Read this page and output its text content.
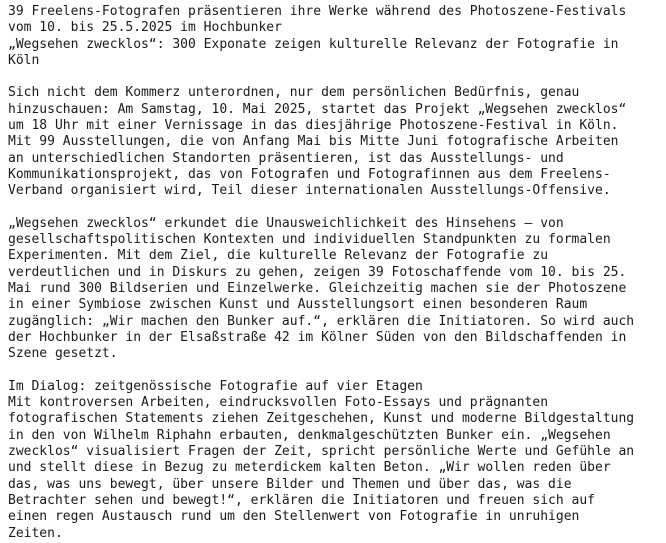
39 Freelens-Fotografen präsentieren ihre Werke während des Photoszene-Festivals
vom 10. bis 25.5.2025 im Hochbunker
„Wegsehen zwecklos“: 300 Exponate zeigen kulturelle Relevanz der Fotografie in
Köln
Sich nicht dem Kommerz unterordnen, nur dem persönlichen Bedürfnis, genau
hinzuschauen: Am Samstag, 10. Mai 2025, startet das Projekt „Wegsehen zwecklos“
um 18 Uhr mit einer Vernissage in das diesjährige Photoszene-Festival in Köln.
Mit 99 Ausstellungen, die von Anfang Mai bis Mitte Juni fotografische Arbeiten
an unterschiedlichen Standorten präsentieren, ist das Ausstellungs- und
Kommunikationsprojekt, das von Fotografen und Fotografinnen aus dem Freelens-
Verband organisiert wird, Teil dieser internationalen Ausstellungs-Offensive.
„Wegsehen zwecklos“ erkundet die Unausweichlichkeit des Hinsehens – von
gesellschaftspolitischen Kontexten und individuellen Standpunkten zu formalen
Experimenten. Mit dem Ziel, die kulturelle Relevanz der Fotografie zu
verdeutlichen und in Diskurs zu gehen, zeigen 39 Fotoschaffende vom 10. bis 25.
Mai rund 300 Bildserien und Einzelwerke. Gleichzeitig machen sie der Photoszene
in einer Symbiose zwischen Kunst und Ausstellungsort einen besonderen Raum
zugänglich: „Wir machen den Bunker auf.“, erklären die Initiatoren. So wird auch
der Hochbunker in der Elsaßstraße 42 im Kölner Süden von den Bildschaffenden in
Szene gesetzt.
Im Dialog: zeitgenössische Fotografie auf vier Etagen
Mit kontroversen Arbeiten, eindrucksvollen Foto-Essays und prägnanten
fotografischen Statements ziehen Zeitgeschehen, Kunst und moderne Bildgestaltung
in den von Wilhelm Riphahn erbauten, denkmalgeschützten Bunker ein. „Wegsehen
zwecklos“ visualisiert Fragen der Zeit, spricht persönliche Werte und Gefühle an
und stellt diese in Bezug zu meterdickem kalten Beton. „Wir wollen reden über
das, was uns bewegt, über unsere Bilder und Themen und über das, was die
Betrachter sehen und bewegt!“, erklären die Initiatoren und freuen sich auf
einen regen Austausch rund um den Stellenwert von Fotografie in unruhigen
Zeiten.
